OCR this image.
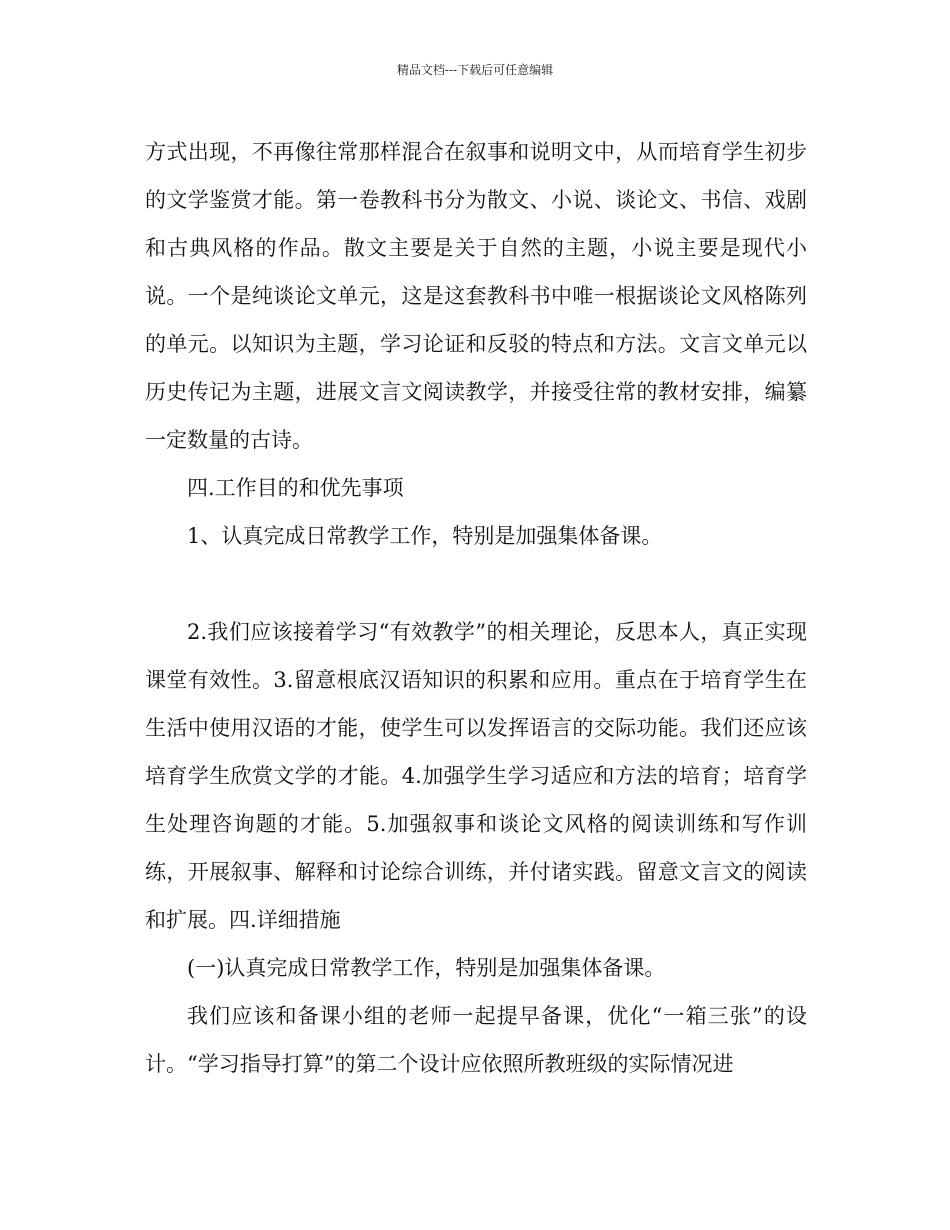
精品文档---下载后可任意编辑

方式出现，不再像往常那样混合在叙事和说明文中，从而培育学生初步的文学鉴赏才能。第一卷教科书分为散文、小说、谈论文、书信、戏剧和古典风格的作品。散文主要是关于自然的主题，小说主要是现代小说。一个是纯谈论文单元，这是这套教科书中唯一根据谈论文风格陈列的单元。以知识为主题，学习论证和反驳的特点和方法。文言文单元以历史传记为主题，进展文言文阅读教学，并接受往常的教材安排，编纂一定数量的古诗。

四.工作目的和优先事项

1、认真完成日常教学工作，特别是加强集体备课。

2.我们应该接着学习“有效教学”的相关理论，反思本人，真正实现课堂有效性。3.留意根底汉语知识的积累和应用。重点在于培育学生在生活中使用汉语的才能，使学生可以发挥语言的交际功能。我们还应该培育学生欣赏文学的才能。4.加强学生学习适应和方法的培育；培育学生处理咨询题的才能。5.加强叙事和谈论文风格的阅读训练和写作训练，开展叙事、解释和讨论综合训练，并付诸实践。留意文言文的阅读和扩展。四.详细措施

(一)认真完成日常教学工作，特别是加强集体备课。

我们应该和备课小组的老师一起提早备课，优化“一箱三张”的设计。“学习指导打算”的第二个设计应依照所教班级的实际情况进
